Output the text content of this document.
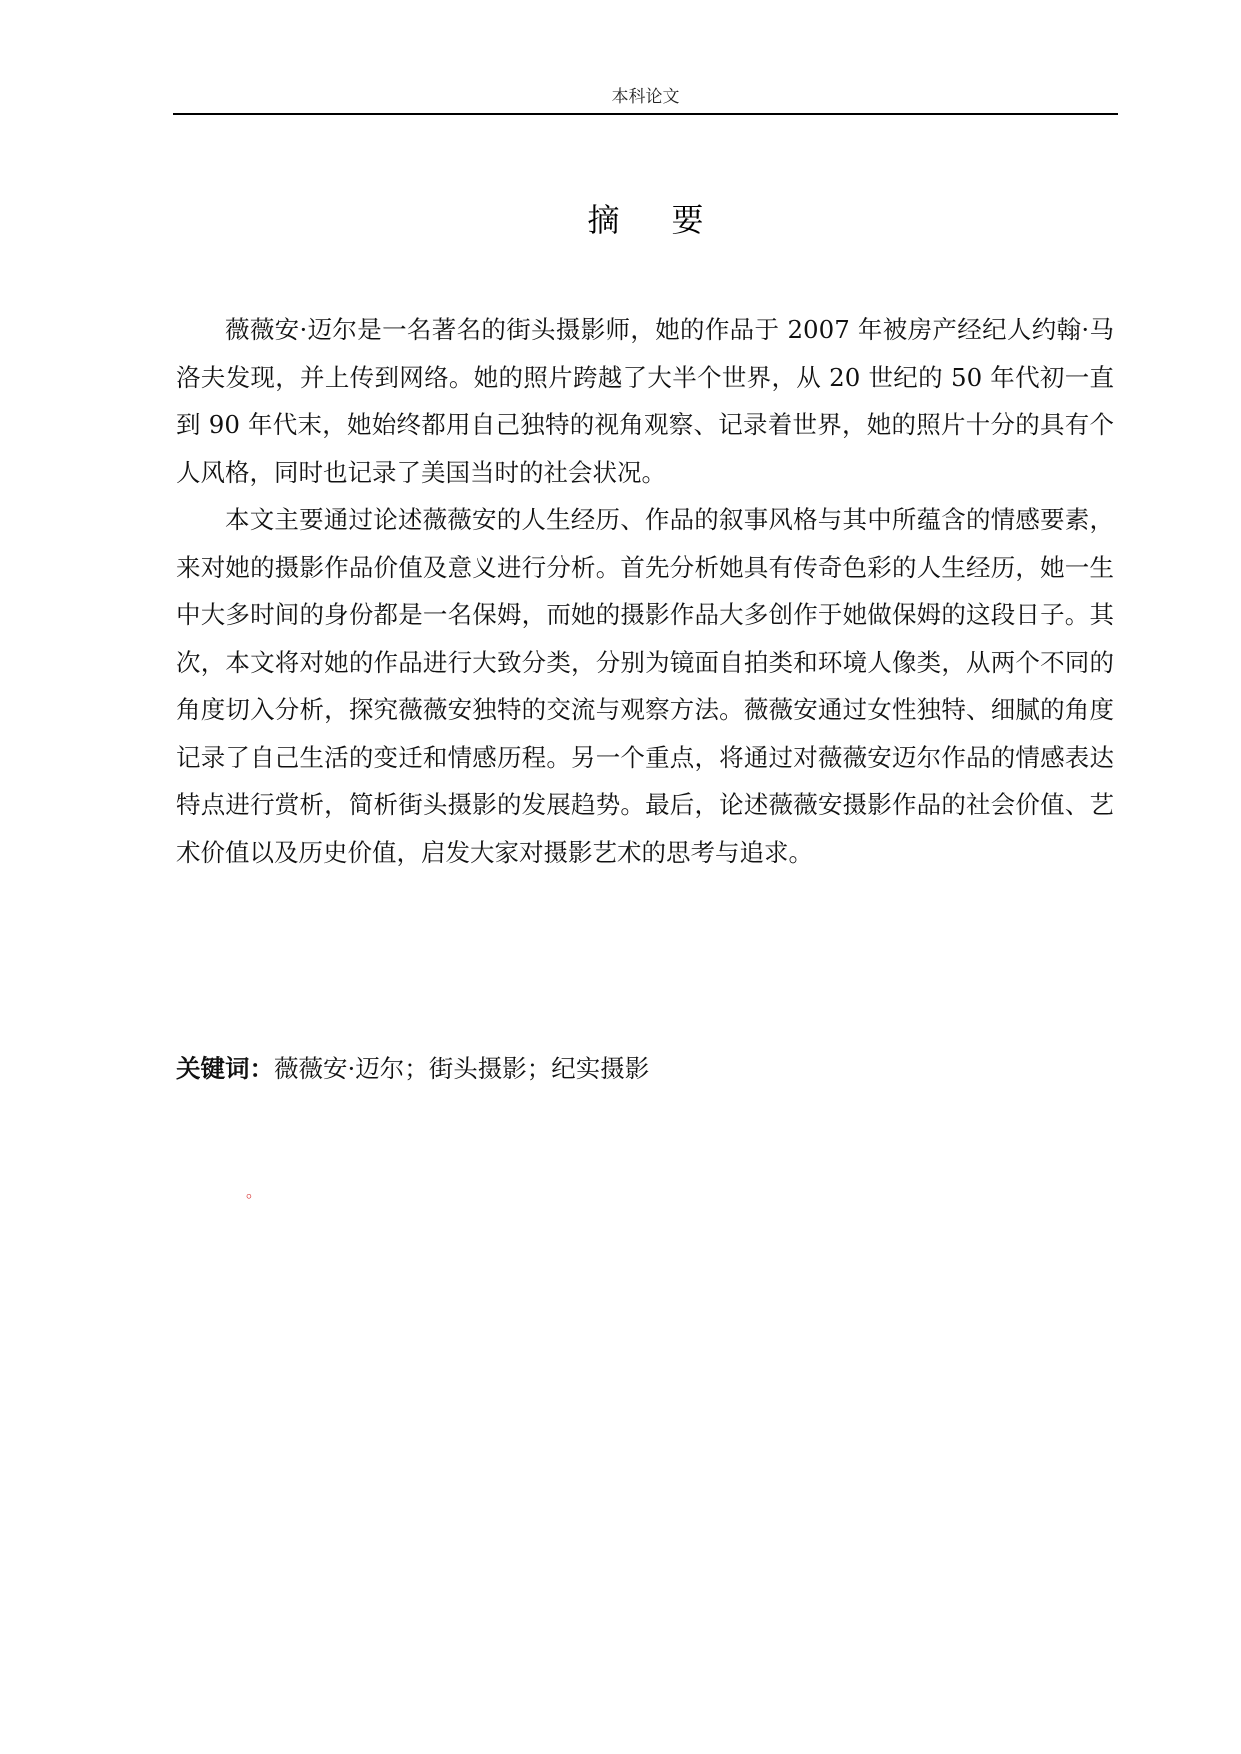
本科论文
摘要

薇薇安·迈尔是一名著名的街头摄影师，她的作品于 2007 年被房产经纪人约翰·马洛夫发现，并上传到网络。她的照片跨越了大半个世界，从 20 世纪的 50 年代初一直到 90 年代末，她始终都用自己独特的视角观察、记录着世界，她的照片十分的具有个人风格，同时也记录了美国当时的社会状况。

本文主要通过论述薇薇安的人生经历、作品的叙事风格与其中所蕴含的情感要素，来对她的摄影作品价值及意义进行分析。首先分析她具有传奇色彩的人生经历，她一生中大多时间的身份都是一名保姆，而她的摄影作品大多创作于她做保姆的这段日子。其次，本文将对她的作品进行大致分类，分别为镜面自拍类和环境人像类，从两个不同的角度切入分析，探究薇薇安独特的交流与观察方法。薇薇安通过女性独特、细腻的角度记录了自己生活的变迁和情感历程。另一个重点，将通过对薇薇安迈尔作品的情感表达特点进行赏析，简析街头摄影的发展趋势。最后，论述薇薇安摄影作品的社会价值、艺术价值以及历史价值，启发大家对摄影艺术的思考与追求。

关键词：薇薇安·迈尔；街头摄影；纪实摄影
。
